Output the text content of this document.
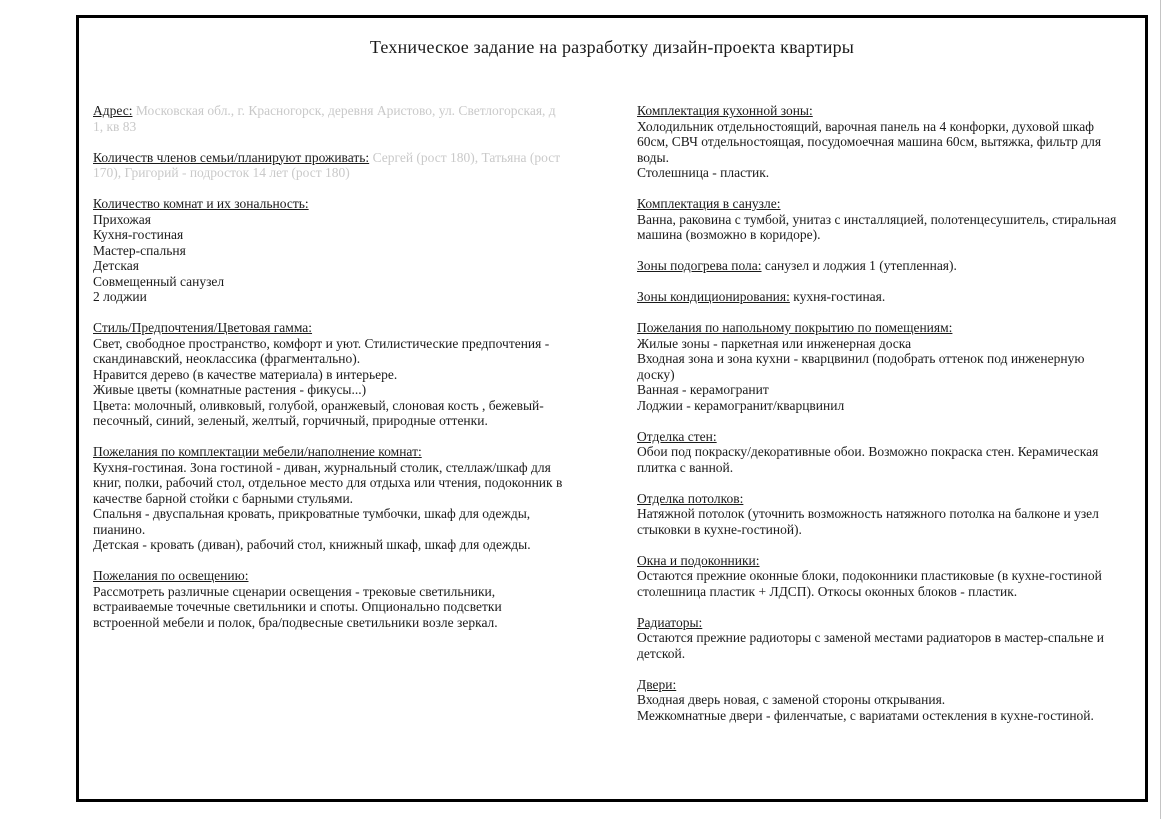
Техническое задание на разработку дизайн-проекта квартиры

Адрес: Московская обл., г. Красногорск, деревня Аристово, ул. Светлогорская, д 1, кв 83

Количеств членов семьи/планируют проживать: Сергей (рост 180), Татьяна (рост 170), Григорий - подросток 14 лет (рост 180)

Количество комнат и их зональность:

Прихожая

Кухня-гостиная

Мастер-спальня

Детская

Совмещенный санузел

2 лоджии

Стиль/Предпочтения/Цветовая гамма:

Свет, свободное пространство, комфорт и уют. Стилистические предпочтения - скандинавский, неоклассика (фрагментально).

Нравится дерево (в качестве материала) в интерьере.

Живые цветы (комнатные растения - фикусы...)

Цвета: молочный, оливковый, голубой, оранжевый, слоновая кость , бежевый-песочный, синий, зеленый, желтый, горчичный, природные оттенки.

Пожелания по комплектации мебели/наполнение комнат:

Кухня-гостиная. Зона гостиной - диван, журнальный столик, стеллаж/шкаф для книг, полки, рабочий стол, отдельное место для отдыха или чтения, подоконник в качестве барной стойки с барными стульями.

Спальня - двуспальная кровать, прикроватные тумбочки, шкаф для одежды, пианино.

Детская - кровать (диван), рабочий стол, книжный шкаф, шкаф для одежды.

Пожелания по освещению:

Рассмотреть различные сценарии освещения - трековые светильники, встраиваемые точечные светильники и споты. Опционально подсветки встроенной мебели и полок, бра/подвесные светильники возле зеркал.

Комплектация кухонной зоны:

Холодильник отдельностоящий, варочная панель на 4 конфорки, духовой шкаф 60см, СВЧ отдельностоящая, посудомоечная машина 60см, вытяжка, фильтр для воды.

Столешница - пластик.

Комплектация в санузле:

Ванна, раковина с тумбой, унитаз с инсталляцией, полотенцесушитель, стиральная машина (возможно в коридоре).

Зоны подогрева пола: санузел и лоджия 1 (утепленная).

Зоны кондиционирования: кухня-гостиная.

Пожелания по напольному покрытию по помещениям:

Жилые зоны - паркетная или инженерная доска

Входная зона и зона кухни - кварцвинил (подобрать оттенок под инженерную доску)

Ванная - керамогранит

Лоджии - керамогранит/кварцвинил

Отделка стен:

Обои под покраску/декоративные обои. Возможно покраска стен. Керамическая плитка с ванной.

Отделка потолков:

Натяжной потолок (уточнить возможность натяжного потолка на балконе и узел стыковки в кухне-гостиной).

Окна и подоконники:

Остаются прежние оконные блоки, подоконники пластиковые (в кухне-гостиной столешница пластик + ЛДСП). Откосы оконных блоков - пластик.

Радиаторы:

Остаются прежние радиоторы с заменой местами радиаторов в мастер-спальне и детской.

Двери:

Входная дверь новая, с заменой стороны открывания.

Межкомнатные двери - филенчатые, с вариатами остекления в кухне-гостиной.
